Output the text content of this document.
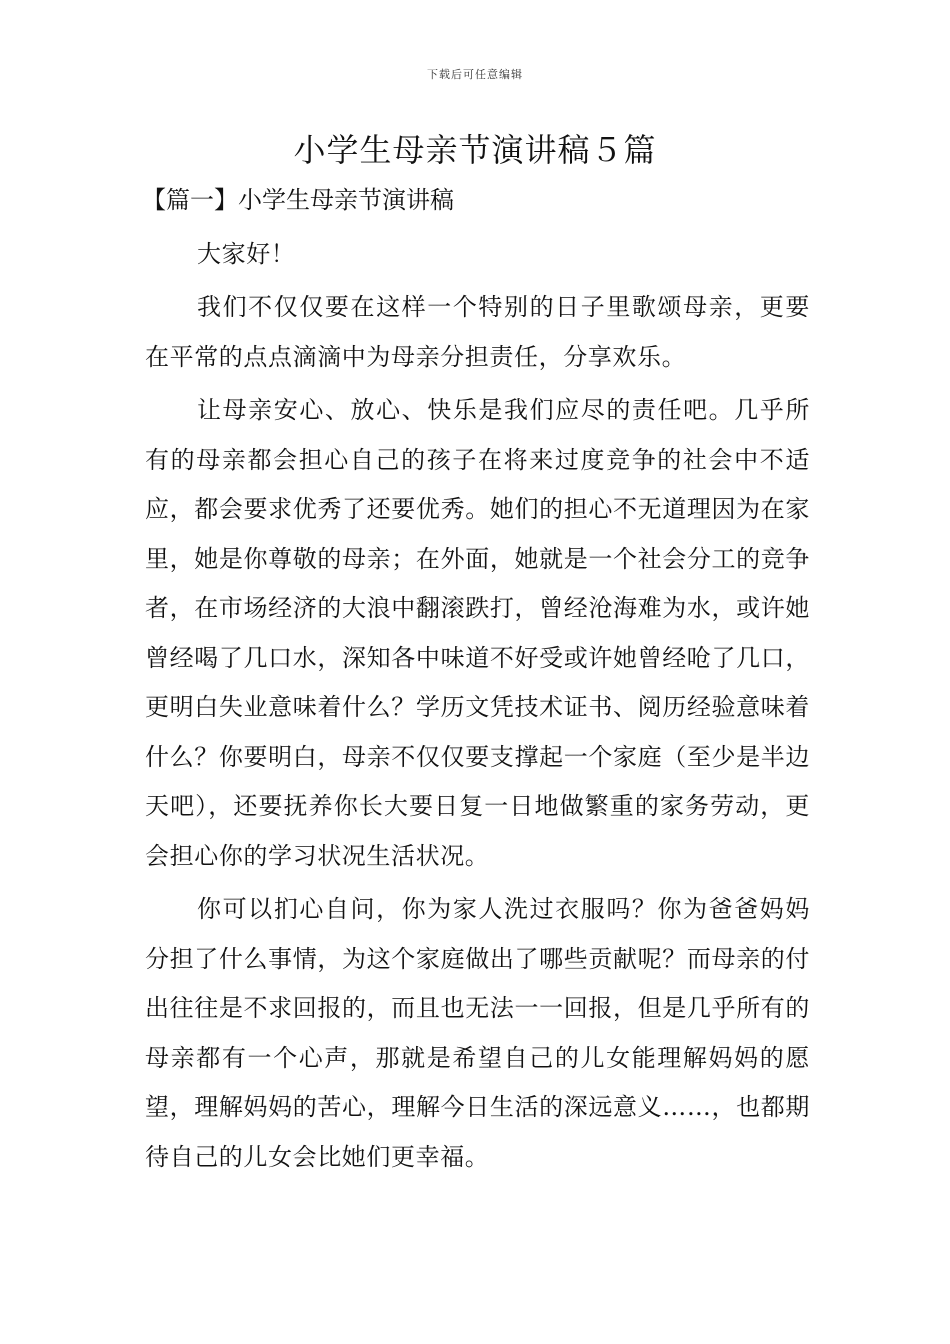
下载后可任意编辑
小学生母亲节演讲稿５篇

【篇一】小学生母亲节演讲稿

大家好！

我们不仅仅要在这样一个特别的日子里歌颂母亲，更要在平常的点点滴滴中为母亲分担责任，分享欢乐。

让母亲安心、放心、快乐是我们应尽的责任吧。几乎所有的母亲都会担心自己的孩子在将来过度竞争的社会中不适应，都会要求优秀了还要优秀。她们的担心不无道理因为在家里，她是你尊敬的母亲；在外面，她就是一个社会分工的竞争者，在市场经济的大浪中翻滚跌打，曾经沧海难为水，或许她曾经喝了几口水，深知各中味道不好受或许她曾经呛了几口，更明白失业意味着什么？学历文凭技术证书、阅历经验意味着什么？你要明白，母亲不仅仅要支撑起一个家庭（至少是半边天吧），还要抚养你长大要日复一日地做繁重的家务劳动，更会担心你的学习状况生活状况。

你可以扪心自问，你为家人洗过衣服吗？你为爸爸妈妈分担了什么事情，为这个家庭做出了哪些贡献呢？而母亲的付出往往是不求回报的，而且也无法一一回报，但是几乎所有的母亲都有一个心声，那就是希望自己的儿女能理解妈妈的愿望，理解妈妈的苦心，理解今日生活的深远意义……，也都期待自己的儿女会比她们更幸福。
